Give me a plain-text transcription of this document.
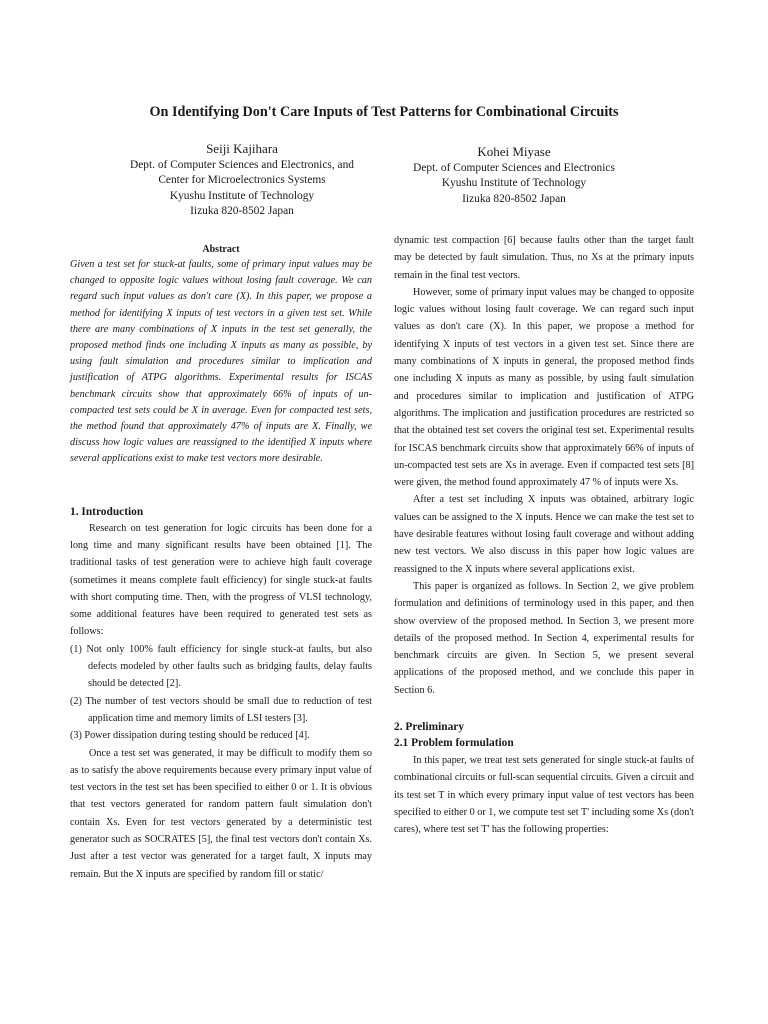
On Identifying Don't Care Inputs of Test Patterns for Combinational Circuits
Seiji Kajihara
Dept. of Computer Sciences and Electronics, and
Center for Microelectronics Systems
Kyushu Institute of Technology
Iizuka 820-8502 Japan
Kohei Miyase
Dept. of Computer Sciences and Electronics
Kyushu Institute of Technology
Iizuka 820-8502 Japan
Abstract

Given a test set for stuck-at faults, some of primary input values may be changed to opposite logic values without losing fault coverage. We can regard such input values as don't care (X). In this paper, we propose a method for identifying X inputs of test vectors in a given test set. While there are many combinations of X inputs in the test set generally, the proposed method finds one including X inputs as many as possible, by using fault simulation and procedures similar to implication and justification of ATPG algorithms. Experimental results for ISCAS benchmark circuits show that approximately 66% of inputs of un-compacted test sets could be X in average. Even for compacted test sets, the method found that approximately 47% of inputs are X. Finally, we discuss how logic values are reassigned to the identified X inputs where several applications exist to make test vectors more desirable.

1. Introduction

Research on test generation for logic circuits has been done for a long time and many significant results have been obtained [1]. The traditional tasks of test generation were to achieve high fault coverage (sometimes it means complete fault efficiency) for single stuck-at faults with short computing time. Then, with the progress of VLSI technology, some additional features have been required to generated test sets as follows:

(1) Not only 100% fault efficiency for single stuck-at faults, but also defects modeled by other faults such as bridging faults, delay faults should be detected [2].

(2) The number of test vectors should be small due to reduction of test application time and memory limits of LSI testers [3].

(3) Power dissipation during testing should be reduced [4].

Once a test set was generated, it may be difficult to modify them so as to satisfy the above requirements because every primary input value of test vectors in the test set has been specified to either 0 or 1. It is obvious that test vectors generated for random pattern fault simulation don't contain Xs. Even for test vectors generated by a deterministic test generator such as SOCRATES [5], the final test vectors don't contain Xs. Just after a test vector was generated for a target fault, X inputs may remain. But the X inputs are specified by random fill or static/

dynamic test compaction [6] because faults other than the target fault may be detected by fault simulation. Thus, no Xs at the primary inputs remain in the final test vectors.

However, some of primary input values may be changed to opposite logic values without losing fault coverage. We can regard such input values as don't care (X). In this paper, we propose a method for identifying X inputs of test vectors in a given test set. Since there are many combinations of X inputs in general, the proposed method finds one including X inputs as many as possible, by using fault simulation and procedures similar to implication and justification of ATPG algorithms. The implication and justification procedures are restricted so that the obtained test set covers the original test set. Experimental results for ISCAS benchmark circuits show that approximately 66% of inputs of un-compacted test sets are Xs in average. Even if compacted test sets [8] were given, the method found approximately 47 % of inputs were Xs.

After a test set including X inputs was obtained, arbitrary logic values can be assigned to the X inputs. Hence we can make the test set to have desirable features without losing fault coverage and without adding new test vectors. We also discuss in this paper how logic values are reassigned to the X inputs where several applications exist.

This paper is organized as follows. In Section 2, we give problem formulation and definitions of terminology used in this paper, and then show overview of the proposed method. In Section 3, we present more details of the proposed method. In Section 4, experimental results for benchmark circuits are given. In Section 5, we present several applications of the proposed method, and we conclude this paper in Section 6.

2. Preliminary

2.1 Problem formulation

In this paper, we treat test sets generated for single stuck-at faults of combinational circuits or full-scan sequential circuits. Given a circuit and its test set T in which every primary input value of test vectors has been specified to either 0 or 1, we compute test set T' including some Xs (don't cares), where test set T' has the following properties:
